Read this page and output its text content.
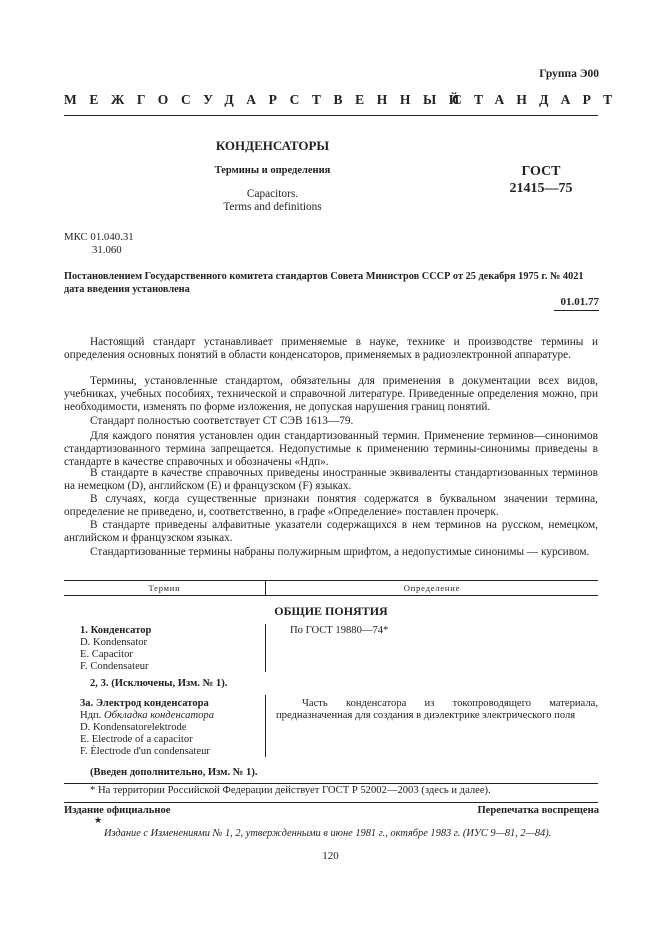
Группа Э00
МЕЖГОСУДАРСТВЕННЫЙ
СТАНДАРТ
КОНДЕНСАТОРЫ
Термины и определения
Capacitors.
Terms and definitions
ГОСТ
21415—75
МКС 01.040.31
31.060
Постановлением Государственного комитета стандартов Совета Министров СССР от 25 декабря 1975 г. № 4021
дата введения установлена
01.01.77
Настоящий стандарт устанавливает применяемые в науке, технике и производстве термины и определения основных понятий в области конденсаторов, применяемых в радиоэлектронной аппаратуре.
Термины, установленные стандартом, обязательны для применения в документации всех видов, учебниках, учебных пособиях, технической и справочной литературе. Приведенные определения можно, при необходимости, изменять по форме изложения, не допуская нарушения границ понятий.
Стандарт полностью соответствует СТ СЭВ 1613—79.
Для каждого понятия установлен один стандартизованный термин. Применение терминов—синонимов стандартизованного термина запрещается. Недопустимые к применению термины-синонимы приведены в стандарте в качестве справочных и обозначены «Ндп».
В стандарте в качестве справочных приведены иностранные эквиваленты стандартизованных терминов на немецком (D), английском (E) и французском (F) языках.
В случаях, когда существенные признаки понятия содержатся в буквальном значении термина, определение не приведено, и, соответственно, в графе «Определение» поставлен прочерк.
В стандарте приведены алфавитные указатели содержащихся в нем терминов на русском, немецком, английском и французском языках.
Стандартизованные термины набраны полужирным шрифтом, а недопустимые синонимы — курсивом.
Термин	Определение
ОБЩИЕ ПОНЯТИЯ
1. Конденсатор
D. Kondensator
E. Capacitor
F. Condensateur
По ГОСТ 19880—74*
2, 3. (Исключены, Изм. № 1).
3a. Электрод конденсатора
Ндп. Обкладка конденсатора
D. Kondensatorelektrode
E. Electrode of a capacitor
F. Électrode d'un condensateur
Часть конденсатора из токопроводящего материала, предназначенная для создания в диэлектрике электрического поля
(Введен дополнительно, Изм. № 1).
* На территории Российской Федерации действует ГОСТ Р 52002—2003 (здесь и далее).
Издание официальное	Перепечатка воспрещена
★
Издание с Изменениями № 1, 2, утвержденными в июне 1981 г., октябре 1983 г. (ИУС 9—81, 2—84).
120
